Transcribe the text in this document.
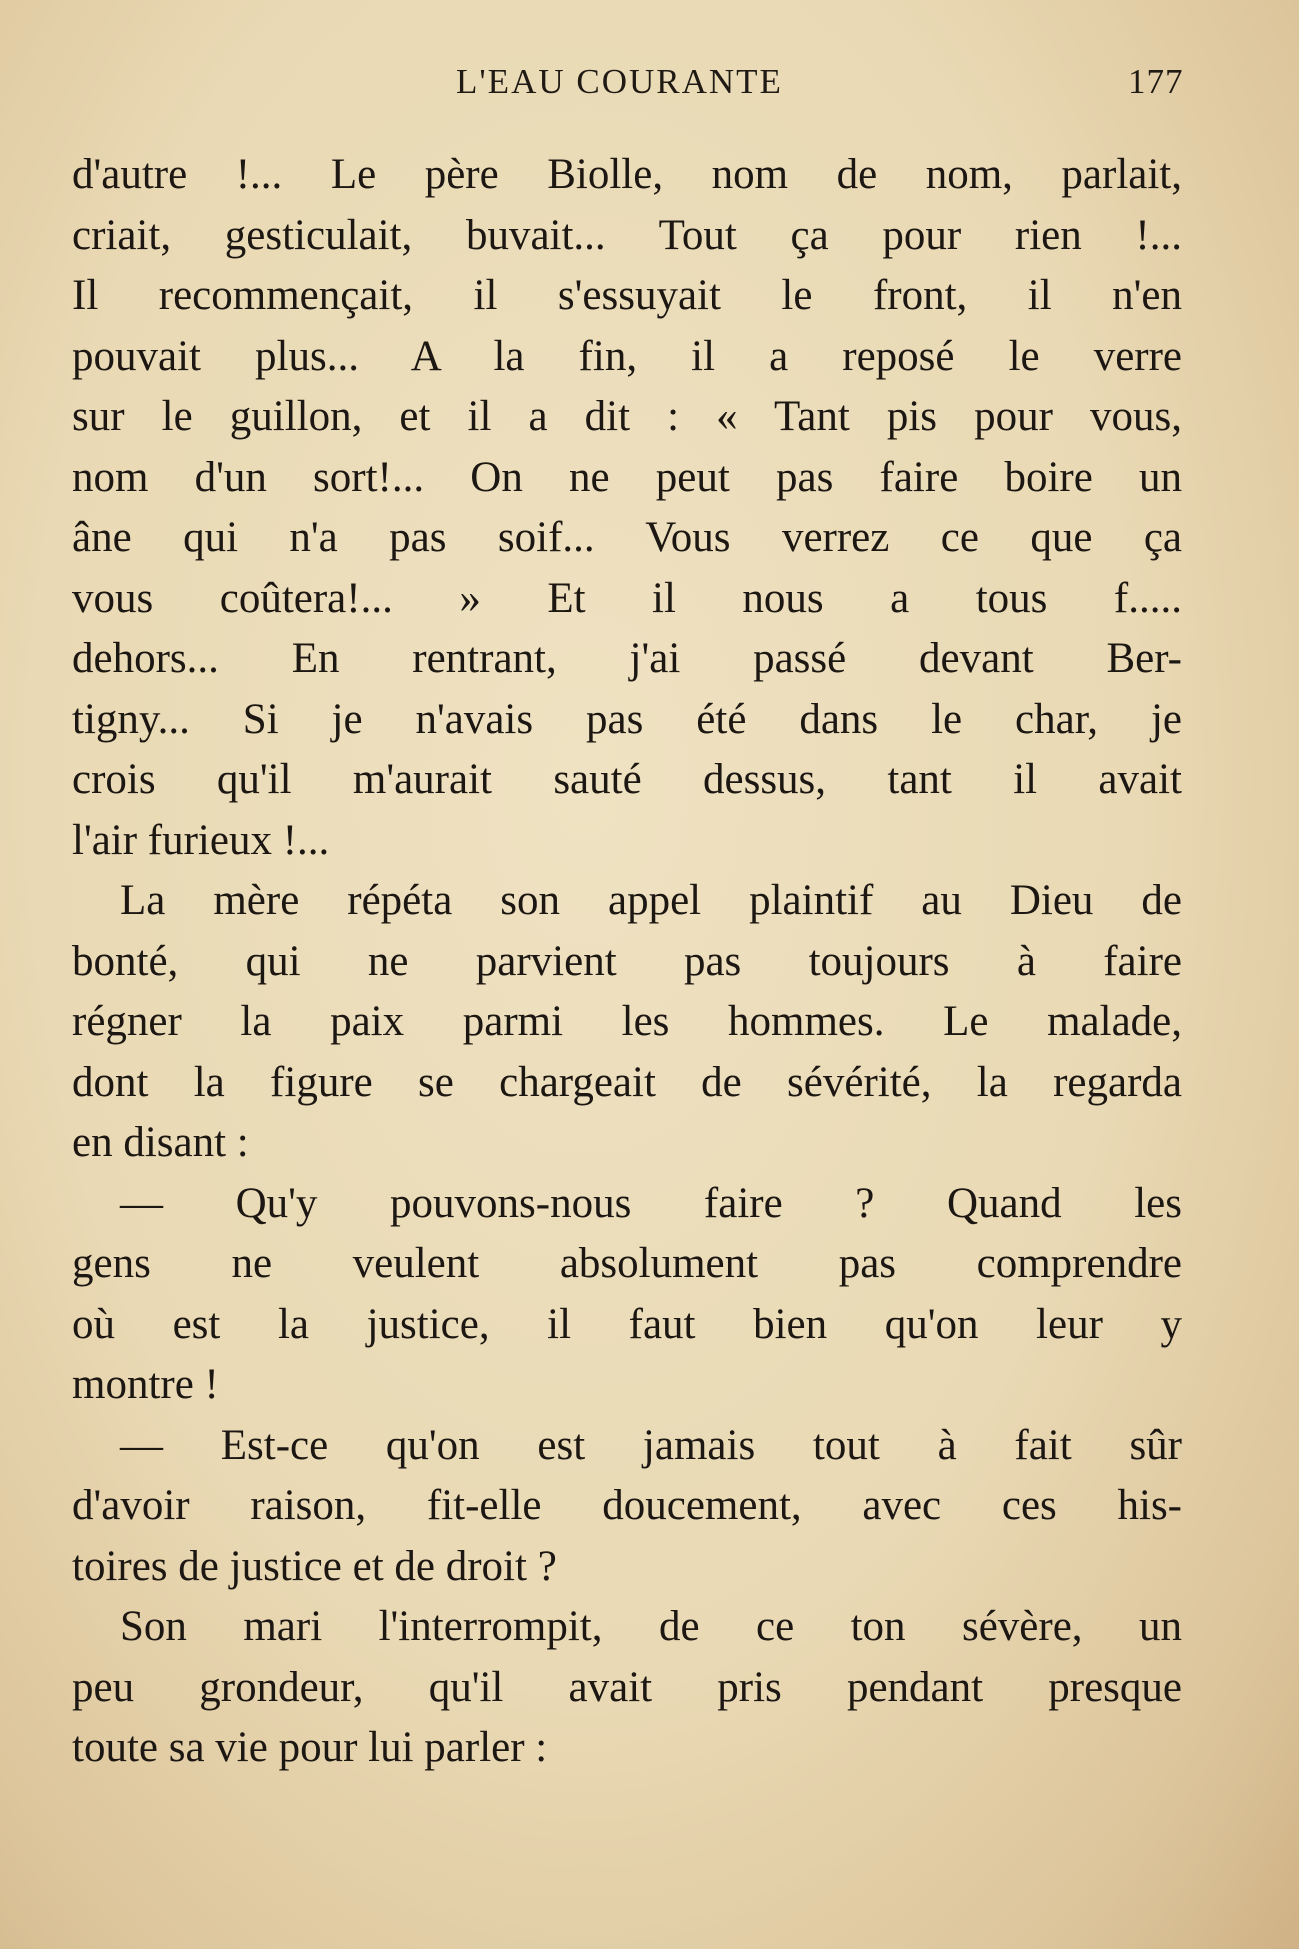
L'EAU COURANTE	177
d'autre !... Le père Biolle, nom de nom, parlait,
criait, gesticulait, buvait... Tout ça pour rien !...
Il recommençait, il s'essuyait le front, il n'en
pouvait plus... A la fin, il a reposé le verre
sur le guillon, et il a dit : « Tant pis pour vous,
nom d'un sort!... On ne peut pas faire boire un
âne qui n'a pas soif... Vous verrez ce que ça
vous coûtera!... » Et il nous a tous f.....
dehors... En rentrant, j'ai passé devant Ber-
tigny... Si je n'avais pas été dans le char, je
crois qu'il m'aurait sauté dessus, tant il avait
l'air furieux !...
La mère répéta son appel plaintif au Dieu de
bonté, qui ne parvient pas toujours à faire
régner la paix parmi les hommes. Le malade,
dont la figure se chargeait de sévérité, la regarda
en disant :
— Qu'y pouvons-nous faire ? Quand les
gens ne veulent absolument pas comprendre
où est la justice, il faut bien qu'on leur y
montre !
— Est-ce qu'on est jamais tout à fait sûr
d'avoir raison, fit-elle doucement, avec ces his-
toires de justice et de droit ?
Son mari l'interrompit, de ce ton sévère, un
peu grondeur, qu'il avait pris pendant presque
toute sa vie pour lui parler :
